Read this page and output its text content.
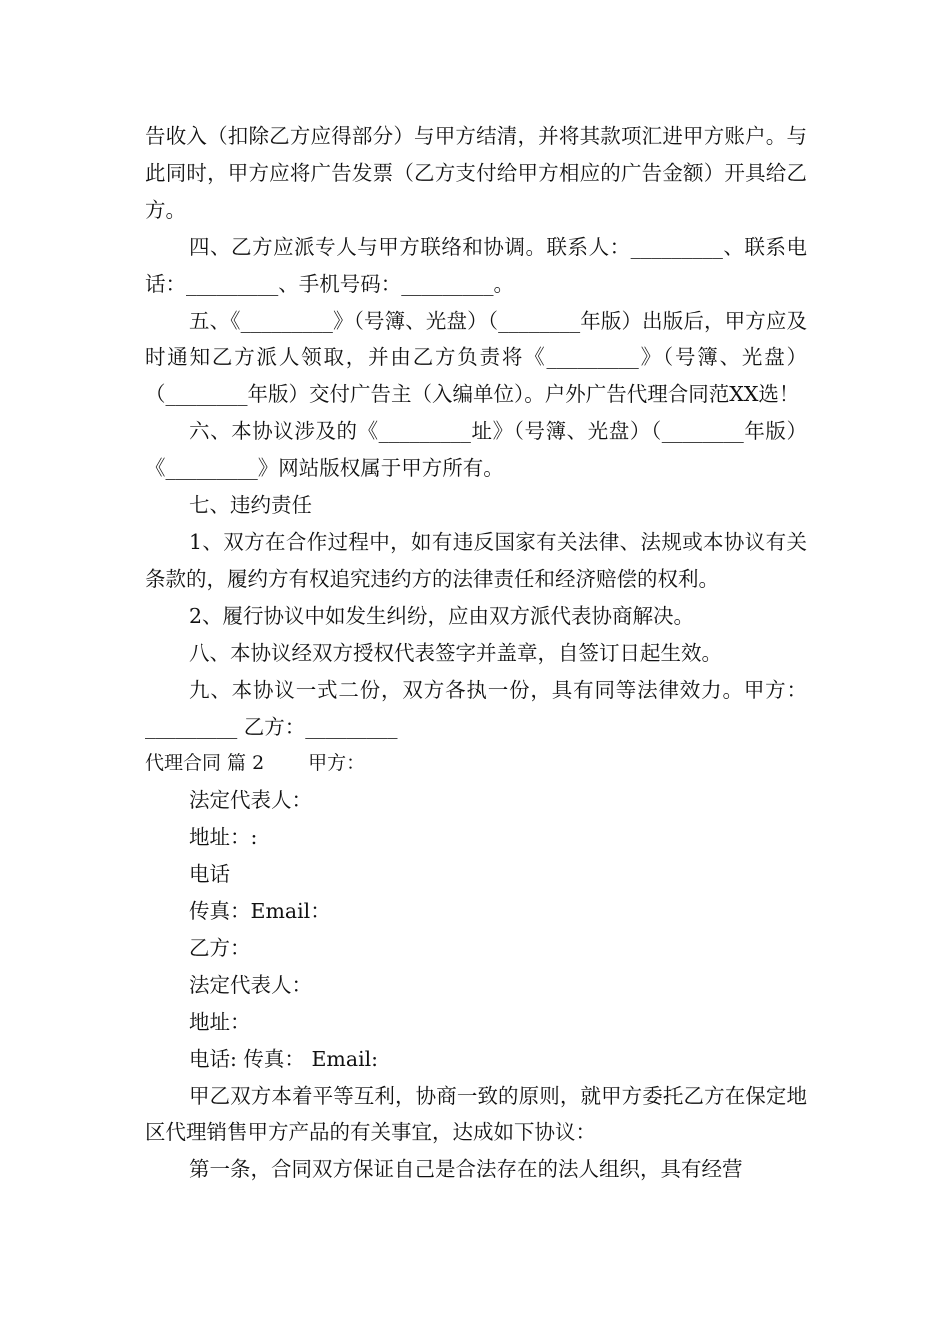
告收入（扣除乙方应得部分）与甲方结清，并将其款项汇进甲方账户。与此同时，甲方应将广告发票（乙方支付给甲方相应的广告金额）开具给乙方。

四、乙方应派专人与甲方联络和协调。联系人：_________、联系电话：_________、手机号码：_________。

五、《_________》（号簿、光盘）（________年版）出版后，甲方应及时通知乙方派人领取，并由乙方负责将《_________》（号簿、光盘）（________年版）交付广告主（入编单位）。户外广告代理合同范XX选！

六、本协议涉及的《_________址》（号簿、光盘）（________年版）《_________》网站版权属于甲方所有。

七、违约责任

1、双方在合作过程中，如有违反国家有关法律、法规或本协议有关条款的，履约方有权追究违约方的法律责任和经济赔偿的权利。

2、履行协议中如发生纠纷，应由双方派代表协商解决。

八、本协议经双方授权代表签字并盖章，自签订日起生效。

九、本协议一式二份，双方各执一份，具有同等法律效力。甲方：_________ 乙方：_________

代理合同 篇 2 甲方：

法定代表人：

地址：:

电话

传真：Email：

乙方：

法定代表人：

地址：

电话: 传真： Email:

甲乙双方本着平等互利，协商一致的原则，就甲方委托乙方在保定地区代理销售甲方产品的有关事宜，达成如下协议：

第一条，合同双方保证自己是合法存在的法人组织，具有经营
